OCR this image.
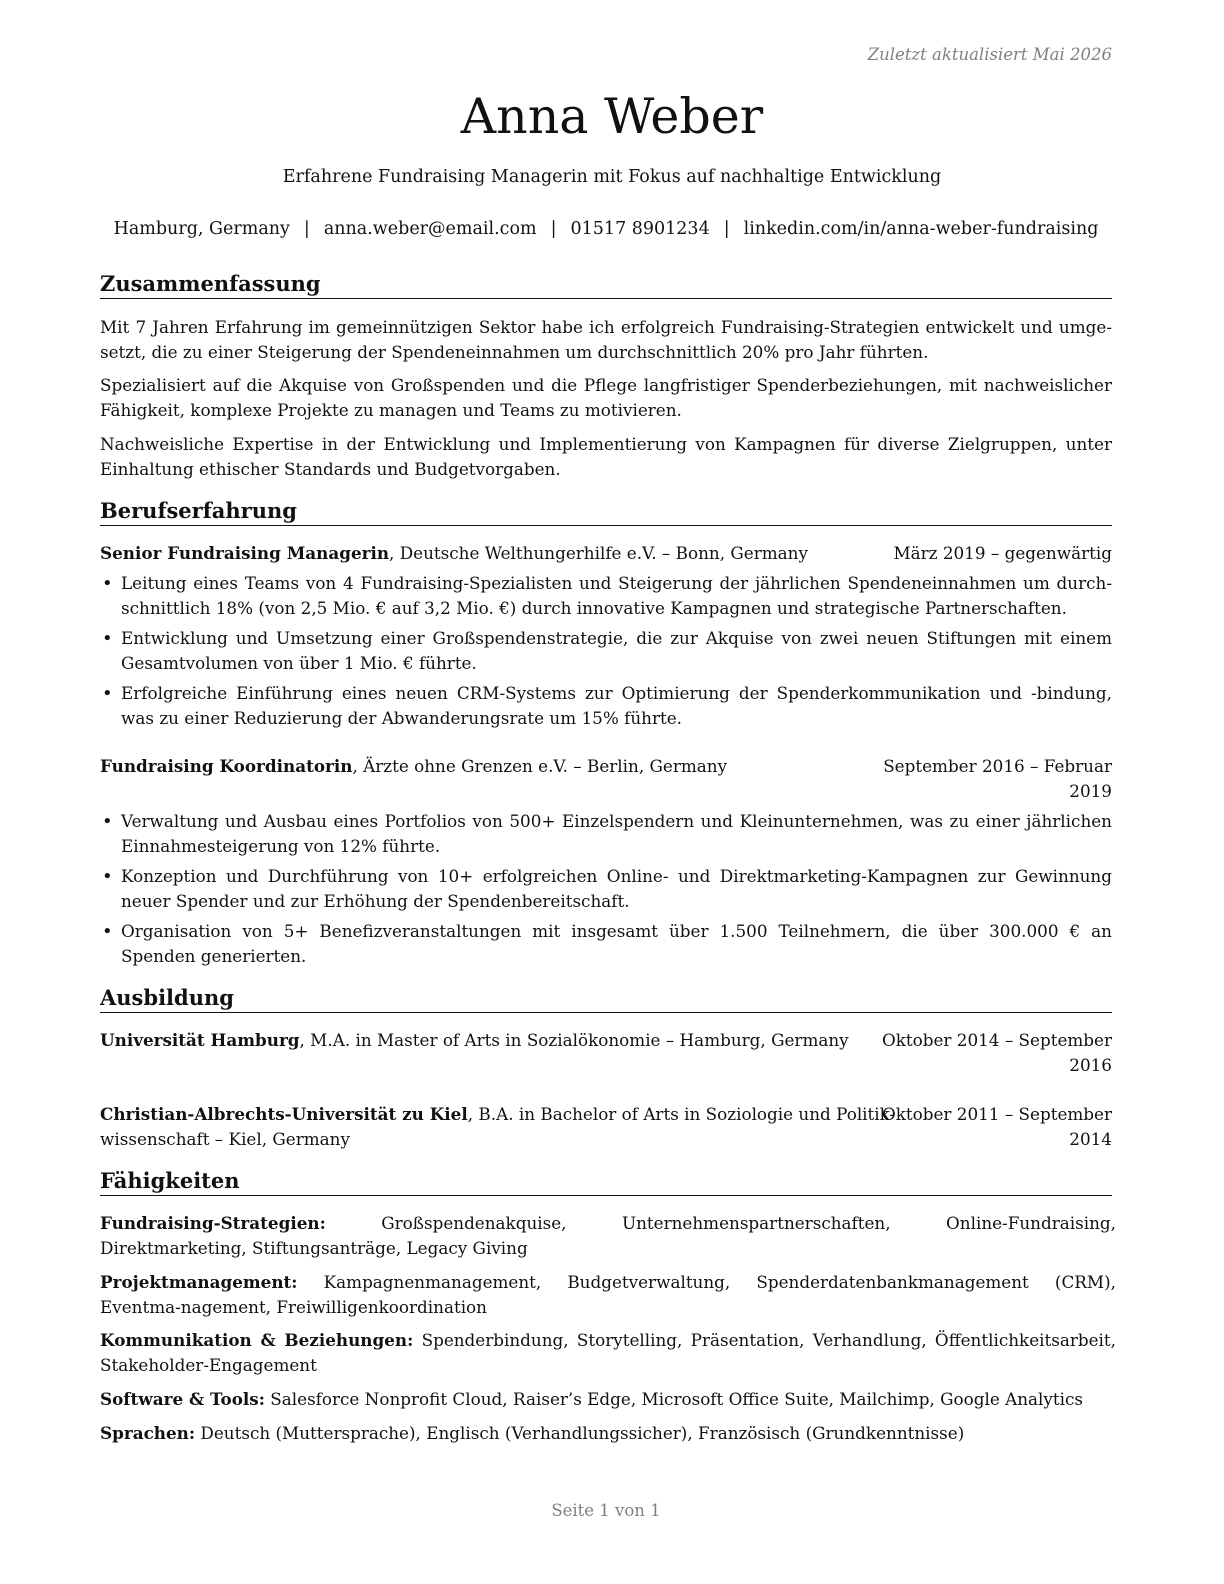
Zuletzt aktualisiert Mai 2026
Anna Weber
Erfahrene Fundraising Managerin mit Fokus auf nachhaltige Entwicklung
Hamburg, Germany | anna.weber@email.com | 01517 8901234 | linkedin.com/in/anna-weber-fundraising
Zusammenfassung

Mit 7 Jahren Erfahrung im gemeinnützigen Sektor habe ich erfolgreich Fundraising-Strategien entwickelt und umge-setzt, die zu einer Steigerung der Spendeneinnahmen um durchschnittlich 20% pro Jahr führten.

Spezialisiert auf die Akquise von Großspenden und die Pflege langfristiger Spenderbeziehungen, mit nachweislicher Fähigkeit, komplexe Projekte zu managen und Teams zu motivieren.

Nachweisliche Expertise in der Entwicklung und Implementierung von Kampagnen für diverse Zielgruppen, unter Einhaltung ethischer Standards und Budgetvorgaben.

Berufserfahrung
Senior Fundraising Managerin, Deutsche Welthungerhilfe e.V. – Bonn, Germany	März 2019 – gegenwärtig
• Leitung eines Teams von 4 Fundraising-Spezialisten und Steigerung der jährlichen Spendeneinnahmen um durch-schnittlich 18% (von 2,5 Mio. € auf 3,2 Mio. €) durch innovative Kampagnen und strategische Partnerschaften.
• Entwicklung und Umsetzung einer Großspendenstrategie, die zur Akquise von zwei neuen Stiftungen mit einem Gesamtvolumen von über 1 Mio. € führte.
• Erfolgreiche Einführung eines neuen CRM-Systems zur Optimierung der Spenderkommunikation und -bindung, was zu einer Reduzierung der Abwanderungsrate um 15% führte.
Fundraising Koordinatorin, Ärzte ohne Grenzen e.V. – Berlin, Germany	September 2016 – Februar
2019
• Verwaltung und Ausbau eines Portfolios von 500+ Einzelspendern und Kleinunternehmen, was zu einer jährlichen Einnahmesteigerung von 12% führte.
• Konzeption und Durchführung von 10+ erfolgreichen Online- und Direktmarketing-Kampagnen zur Gewinnung neuer Spender und zur Erhöhung der Spendenbereitschaft.
• Organisation von 5+ Benefizveranstaltungen mit insgesamt über 1.500 Teilnehmern, die über 300.000 € an Spenden generierten.
Ausbildung
Universität Hamburg, M.A. in Master of Arts in Sozialökonomie – Hamburg, Germany Oktober 2014 – September
2016
Christian-Albrechts-Universität zu Kiel, B.A. in Bachelor of Arts in Soziologie und Politik-
wissenschaft – Kiel, Germany
Oktober 2011 – September
2014
Fähigkeiten

Fundraising-Strategien:	Großspendenakquise, Unternehmenspartnerschaften, Online-Fundraising, Direktmarketing, Stiftungsanträge, Legacy Giving

Projektmanagement: Kampagnenmanagement, Budgetverwaltung, Spenderdatenbankmanagement (CRM), Eventma-nagement, Freiwilligenkoordination

Kommunikation & Beziehungen: Spenderbindung, Storytelling, Präsentation, Verhandlung, Öffentlichkeitsarbeit, Stakeholder-Engagement

Software & Tools: Salesforce Nonprofit Cloud, Raiser’s Edge, Microsoft Office Suite, Mailchimp, Google Analytics

Sprachen: Deutsch (Muttersprache), Englisch (Verhandlungssicher), Französisch (Grundkenntnisse)

Seite 1 von 1
